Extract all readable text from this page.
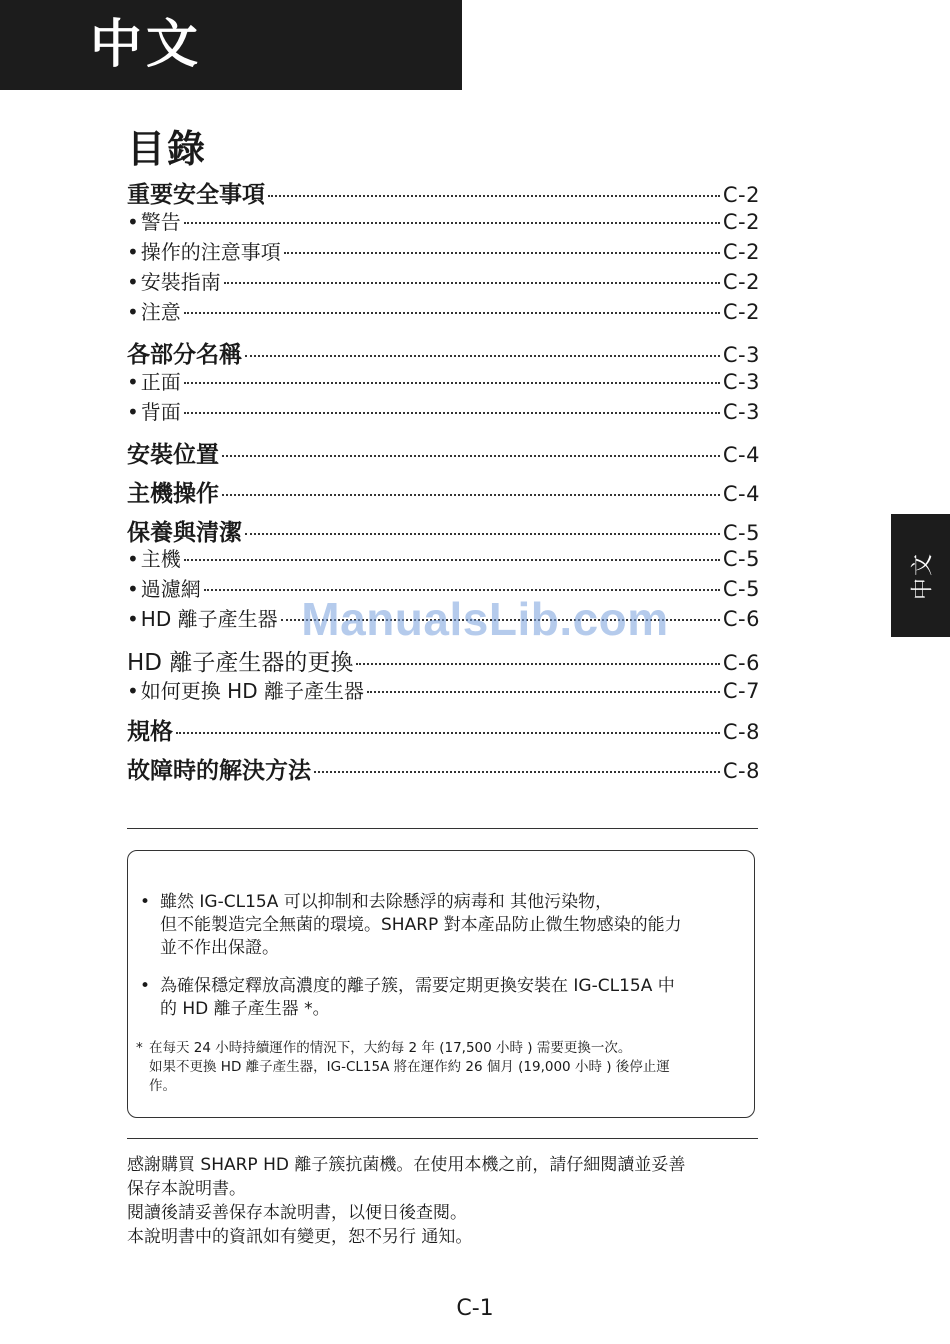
中文
中文
目錄
重要安全事項	C-2
• 警告	C-2
• 操作的注意事項	C-2
• 安裝指南	C-2
• 注意	C-2
各部分名稱	C-3
• 正面	C-3
• 背面	C-3
安裝位置	C-4
主機操作	C-4
保養與清潔	C-5
• 主機	C-5
• 過濾網	C-5
• HD 離子產生器	C-6
ManualsLib.com
HD 離子產生器的更換	C-6
• 如何更換 HD 離子產生器	C-7
規格	C-8
故障時的解決方法	C-8
• 雖然 IG-CL15A 可以抑制和去除懸浮的病毒和 其他污染物，
但不能製造完全無菌的環境。SHARP 對本產品防止微生物感染的能力
並不作出保證。
• 為確保穩定釋放高濃度的離子簇，需要定期更換安裝在 IG-CL15A 中
的 HD 離子產生器 *。
* 在每天 24 小時持續運作的情況下，大約每 2 年 (17,500 小時 ) 需要更換一次。
如果不更換 HD 離子產生器，IG-CL15A 將在運作約 26 個月 (19,000 小時 ) 後停止運
作。

感謝購買 SHARP HD 離子簇抗菌機。在使用本機之前，請仔細閱讀並妥善

保存本說明書。

閱讀後請妥善保存本說明書，以便日後查閱。

本說明書中的資訊如有變更，恕不另行 通知。

C-1
